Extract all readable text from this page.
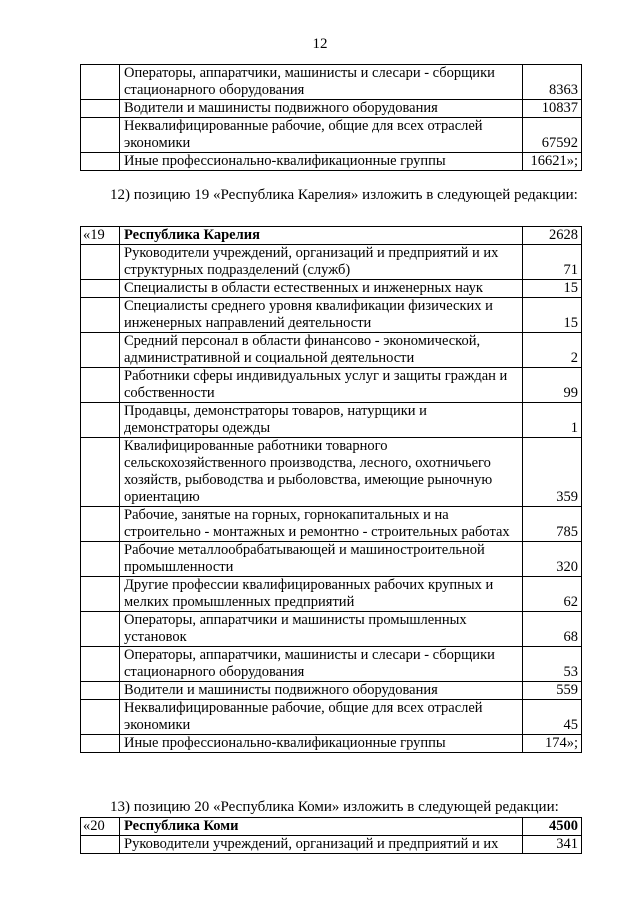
12
	Операторы, аппаратчики, машинисты и слесари - сборщики стационарного оборудования	8363
	Водители и машинисты подвижного оборудования	10837
	Неквалифицированные рабочие, общие для всех отраслей экономики	67592
	Иные профессионально-квалификационные группы	16621»;
12) позицию 19 «Республика Карелия» изложить в следующей редакции:
«19	Республика Карелия	2628
	Руководители учреждений, организаций и предприятий и их структурных подразделений (служб)	71
	Специалисты в области естественных и инженерных наук	15
	Специалисты среднего уровня квалификации физических и инженерных направлений деятельности	15
	Средний персонал в области финансово - экономической, административной и социальной деятельности	2
	Работники сферы индивидуальных услуг и защиты граждан и собственности	99
	Продавцы, демонстраторы товаров, натурщики и демонстраторы одежды	1
	Квалифицированные работники товарного сельскохозяйственного производства, лесного, охотничьего хозяйств, рыбоводства и рыболовства, имеющие рыночную ориентацию	359
	Рабочие, занятые на горных, горнокапитальных и на строительно - монтажных и ремонтно - строительных работах	785
	Рабочие металлообрабатывающей и машиностроительной промышленности	320
	Другие профессии квалифицированных рабочих крупных и мелких промышленных предприятий	62
	Операторы, аппаратчики и машинисты промышленных установок	68
	Операторы, аппаратчики, машинисты и слесари - сборщики стационарного оборудования	53
	Водители и машинисты подвижного оборудования	559
	Неквалифицированные рабочие, общие для всех отраслей экономики	45
	Иные профессионально-квалификационные группы	174»;
13) позицию 20 «Республика Коми» изложить в следующей редакции:
«20	Республика Коми	4500
	Руководители учреждений, организаций и предприятий и их	341
